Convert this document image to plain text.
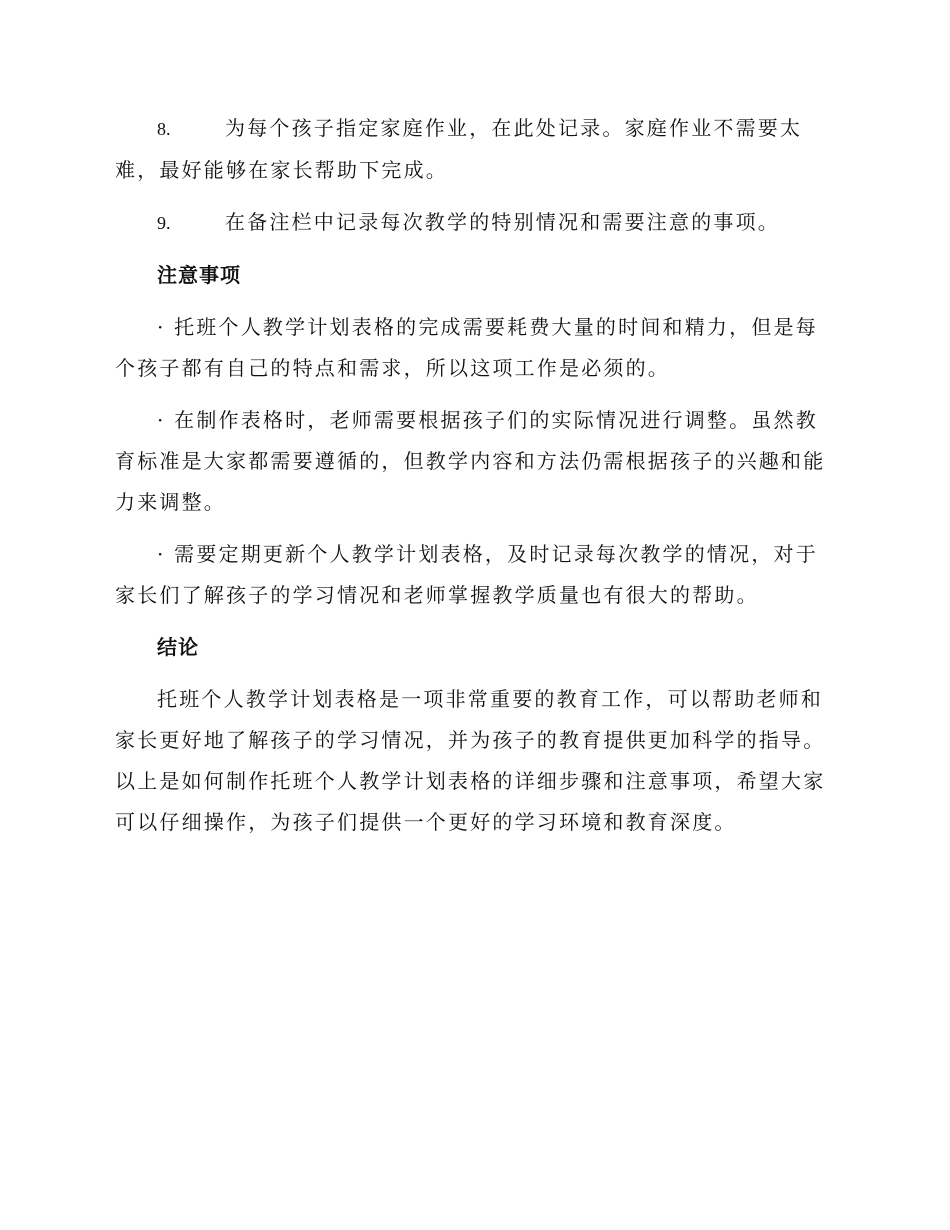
8.	为每个孩子指定家庭作业，在此处记录。家庭作业不需要太难，最好能够在家长帮助下完成。

9.	在备注栏中记录每次教学的特别情况和需要注意的事项。

注意事项

· 托班个人教学计划表格的完成需要耗费大量的时间和精力，但是每个孩子都有自己的特点和需求，所以这项工作是必须的。

· 在制作表格时，老师需要根据孩子们的实际情况进行调整。虽然教育标准是大家都需要遵循的，但教学内容和方法仍需根据孩子的兴趣和能力来调整。

· 需要定期更新个人教学计划表格，及时记录每次教学的情况，对于家长们了解孩子的学习情况和老师掌握教学质量也有很大的帮助。

结论

托班个人教学计划表格是一项非常重要的教育工作，可以帮助老师和家长更好地了解孩子的学习情况，并为孩子的教育提供更加科学的指导。以上是如何制作托班个人教学计划表格的详细步骤和注意事项，希望大家可以仔细操作，为孩子们提供一个更好的学习环境和教育深度。
